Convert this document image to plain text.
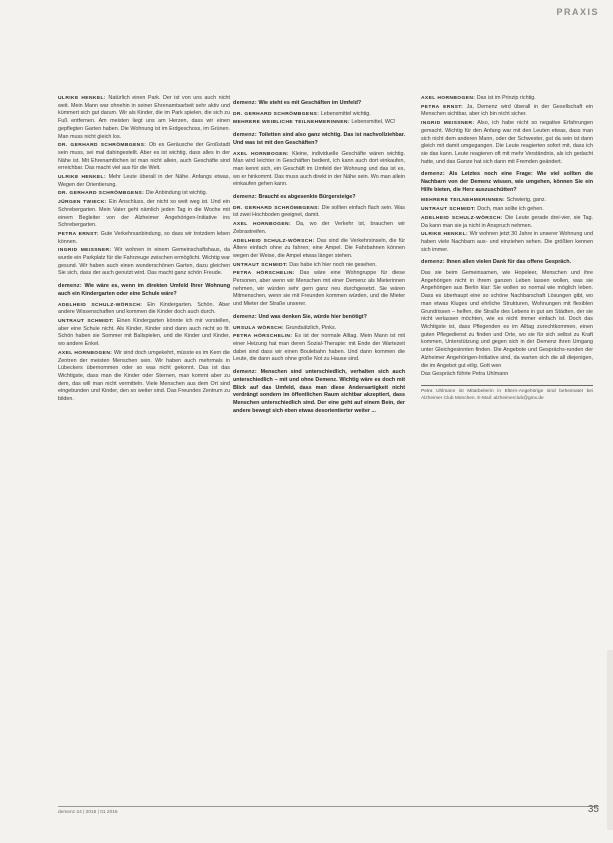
PRAXIS

ULRIKE HENKEL: Natürlich einen Park. Der ist von uns auch nicht weit. Mein Mann war ohnehin in seiner Ehrenamtsarbeit sehr aktiv und kümmert sich gut darum. Wir als Kinder, die im Park spielen, die sich zu Fuß entfernen. Am meisten liegt uns am Herzen, dass wir einen gepflegten Garten haben. Die Wohnung ist im Erdgeschoss, im Grünen. Man muss nicht gleich los.

DR. GERHARD SCHRÖMBGENS: Ob es Geräusche der Großstadt sein muss, sei mal dahingestellt. Aber es ist wichtig, dass alles in der Nähe ist. Mit Ehrenamtlichen ist man nicht allein, auch Geschäfte sind erreichbar. Das macht viel aus für die Welt.

ULRIKE HENKEL: Mehr Leute überall in der Nähe. Anfangs etwas, Wegen der Orientierung.

DR. GERHARD SCHRÖMBGENS: Die Anbindung ist wichtig.

JÜRGEN TWIECK: Ein Anschluss, der nicht so weit weg ist. Und ein Schrebergarten. Mein Vater geht nämlich jeden Tag in die Woche mit einem Begleiter von der Alzheimer Angehörigen-Initiative ins Schrebergarten.

PETRA ERNST: Gute Verkehrsanbindung, so dass wir trotzdem leben können.

INGRID MEISSNER: Wir wohnen in einem Gemeinschaftshaus, da wurde ein Parkplatz für die Fahrzeuge zwischen ermöglicht. Wichtig war gesund. Wir haben auch einen wunderschönen Garten, dazu gleichen Sie sich, dass der auch genutzt wird. Das macht ganz schön Freude.

demenz: Wie wäre es, wenn im direkten Umfeld Ihrer Wohnung auch ein Kindergarten oder eine Schule wäre?

ADELHEID SCHULZ-WÖRSCH: Ein Kindergarten. Schön. Aber andere Wissenschaften und kommen die Kinder doch auch durch.

UNTRAUT SCHMIDT: Einen Kindergarten könnte ich mir vorstellen, aber eine Schule nicht. Als Kinder, Kinder sind dann auch nicht so fit. Schön haben sie Sommer mit Ballspielen, und die Kinder und Kinder, wo andere Enkel.

AXEL HORNBOGEN: Wir sind doch umgekehrt, müsste es im Kern die Zentren der meisten Menschen sein. Wir haben auch mehrmals in Lübeckers übernommen oder so was nicht gekonnt. Das ist das Wichtigste, dass man die Kinder oder Sternen, man kommt aber zu dem, das will man nicht vermitteln. Viele Menschen aus dem Ort sind eingebunden und Kinder, den so weiter sind. Das Freundes Zentrum zu bilden.

demenz: Wie steht es mit Geschäften im Umfeld?

DR. GERHARD SCHRÖMBGENS: Lebensmittel wichtig.

MEHRERE WEIBLICHE TEILNEHMERINNEN: Lebensmittel, WC!

demenz: Toiletten sind also ganz wichtig. Das ist nachvollziehbar. Und was ist mit den Geschäften?

AXEL HORNBOGEN: Kleine, individuelle Geschäfte wären wichtig. Man wird leichter in Geschäften bedient, ich kann auch dort einkaufen, man kennt sich, ein Geschäft im Umfeld der Wohnung und das ist es, wo er hinkommt. Das muss auch direkt in der Nähe sein. Wo man allein einkaufen gehen kann.

demenz: Braucht es abgesenkte Bürgersteige?

DR. GERHARD SCHRÖMBGENS: Die sollten einfach flach sein. Was ist zwei Hochboden geeignet, damit.

AXEL HORNBOGEN: Da, wo der Verkehr ist, brauchen wir Zebrastreifen.

ADELHEID SCHULZ-WÖRSCH: Das sind die Verkehrsinseln, die für Ältere einfach ohne zu fahren; eine Ampel. Die Fahrbahnen können wegen der Weise, die Ampel etwas länger stehen.

UNTRAUT SCHMIDT: Das habe ich hier noch nie gesehen.

PETRA HÖRSCHELIN: Das wäre eine Wohngruppe für diese Personen, aber wenn wir Menschen mit einer Demenz als Mieterinnen nehmen, wir würden sehr gern ganz neu durchgesetzt. Sie wären Mitmenschen, wenn sie mit Freunden kommen würden, und die Mieter und Mieter der Straße unserer.

demenz: Und was denken Sie, würde hier benötigt?

URSULA WÖRSCH: Grundsätzlich, Pinks.

PETRA HÖRSCHELIN: Es ist der normale Alltag. Mein Mann ist mit einer Heizung hat man deren Sozial-Therapie: mit Ende der Wartezeit dabei sind dass wir einen Boulebahn haben. Und dann kommen die Leute, die dann auch ohne große Not zu Hause sind.

demenz: Menschen sind unterschiedlich, verhalten sich auch unterschiedlich – mit und ohne Demenz. Wichtig wäre es doch mit Blick auf das Umfeld, dass man diese Andersartigkeit nicht verdrängt sondern im öffentlichen Raum sichtbar akzeptiert, dass Menschen unterschiedlich sind. Der eine geht auf einem Bein, der andere bewegt sich eben etwas desorientierter weiter ...

AXEL HORNBOGEN: Das ist im Prinzip richtig.

PETRA ERNST: Ja, Demenz wird überall in der Gesellschaft ein Menschen sichtbar, aber ich bin nicht sicher.

INGRID MEISSNER: Also, ich habe nicht so negative Erfahrungen gemacht. Wichtig für den Anfang war mit den Leuten etwas, dass man sich nicht dem anderen Mann, oder der Schwester, gut da sein ist dann gleich mit damit umgegangen. Die Leute reagierten sofort mit, dass ich sie das kann. Leute reagieren oft mit mehr Verständnis, als ich gedacht hatte, und das Ganze hat sich dann mit Fremden geändert.

demenz: Als Letztes noch eine Frage: Wie viel sollten die Nachbarn von der Demenz wissen, wie umgehen, können Sie ein Hilfe bieten, die Herz auszuschütten?

MEHRERE TEILNEHMERINNEN: Schwierig, ganz.

UNTRAUT SCHMIDT: Doch, man sollte ich gehen.

ADELHEID SCHULZ-WÖRSCH: Die Leute gerade drei-vier, sie Tag. Da kann man sie ja nicht in Anspruch nehmen.

ULRIKE HENKEL: Wir wohnen jetzt 30 Jahre in unserer Wohnung und haben viele Nachbarn aus- und einziehen sehen. Die größten kennen sich immer.

demenz: Ihnen allen vielen Dank für das offene Gespräch.

Das sie beim Gemeinsamen, wie Hopeleer, Menschen und ihre Angehörigen nicht in ihrem ganzen Leben lassen wollen, was sie Angehörigen aus Berlin klar: Sie wollen so normal wie möglich leben. Dass es überhaupt eine so schöne Nachbarschaft Lösungen gibt, wo man etwas Kluges und ehrliche Strukturen, Wohnungen mit flexiblen Grundrissen – helfen, die Straße des Lebens in gut am Städten, der sie nicht verlassen möchten, wie es nicht immer einfach ist. Doch das Wichtigste ist, dass Pflegenden es im Alltag zurechtkommen, einen guten Pflegedienst zu finden und Orte, wo sie für sich selbst zu Kraft kommen, Unterstützung und gegen sich in der Demenz ihren Umgang unter Gleichgesinnten finden. Die Angebote und Gesprächs-runden der Alzheimer Angehörigen-Initiative sind, da warten sich die all diejenigen, die im Angebot gut eilig. Gott wen

Das Gespräch führte Petra Uhlmann

Petra Uhlmann ist Mitarbeiterin in Eltern-Angehörige sind beheimatet bei Alzheimer Club München. E-Mail: alzheimerclub@gmx.de
demenz 24 | 2015 | 01 2015	35
